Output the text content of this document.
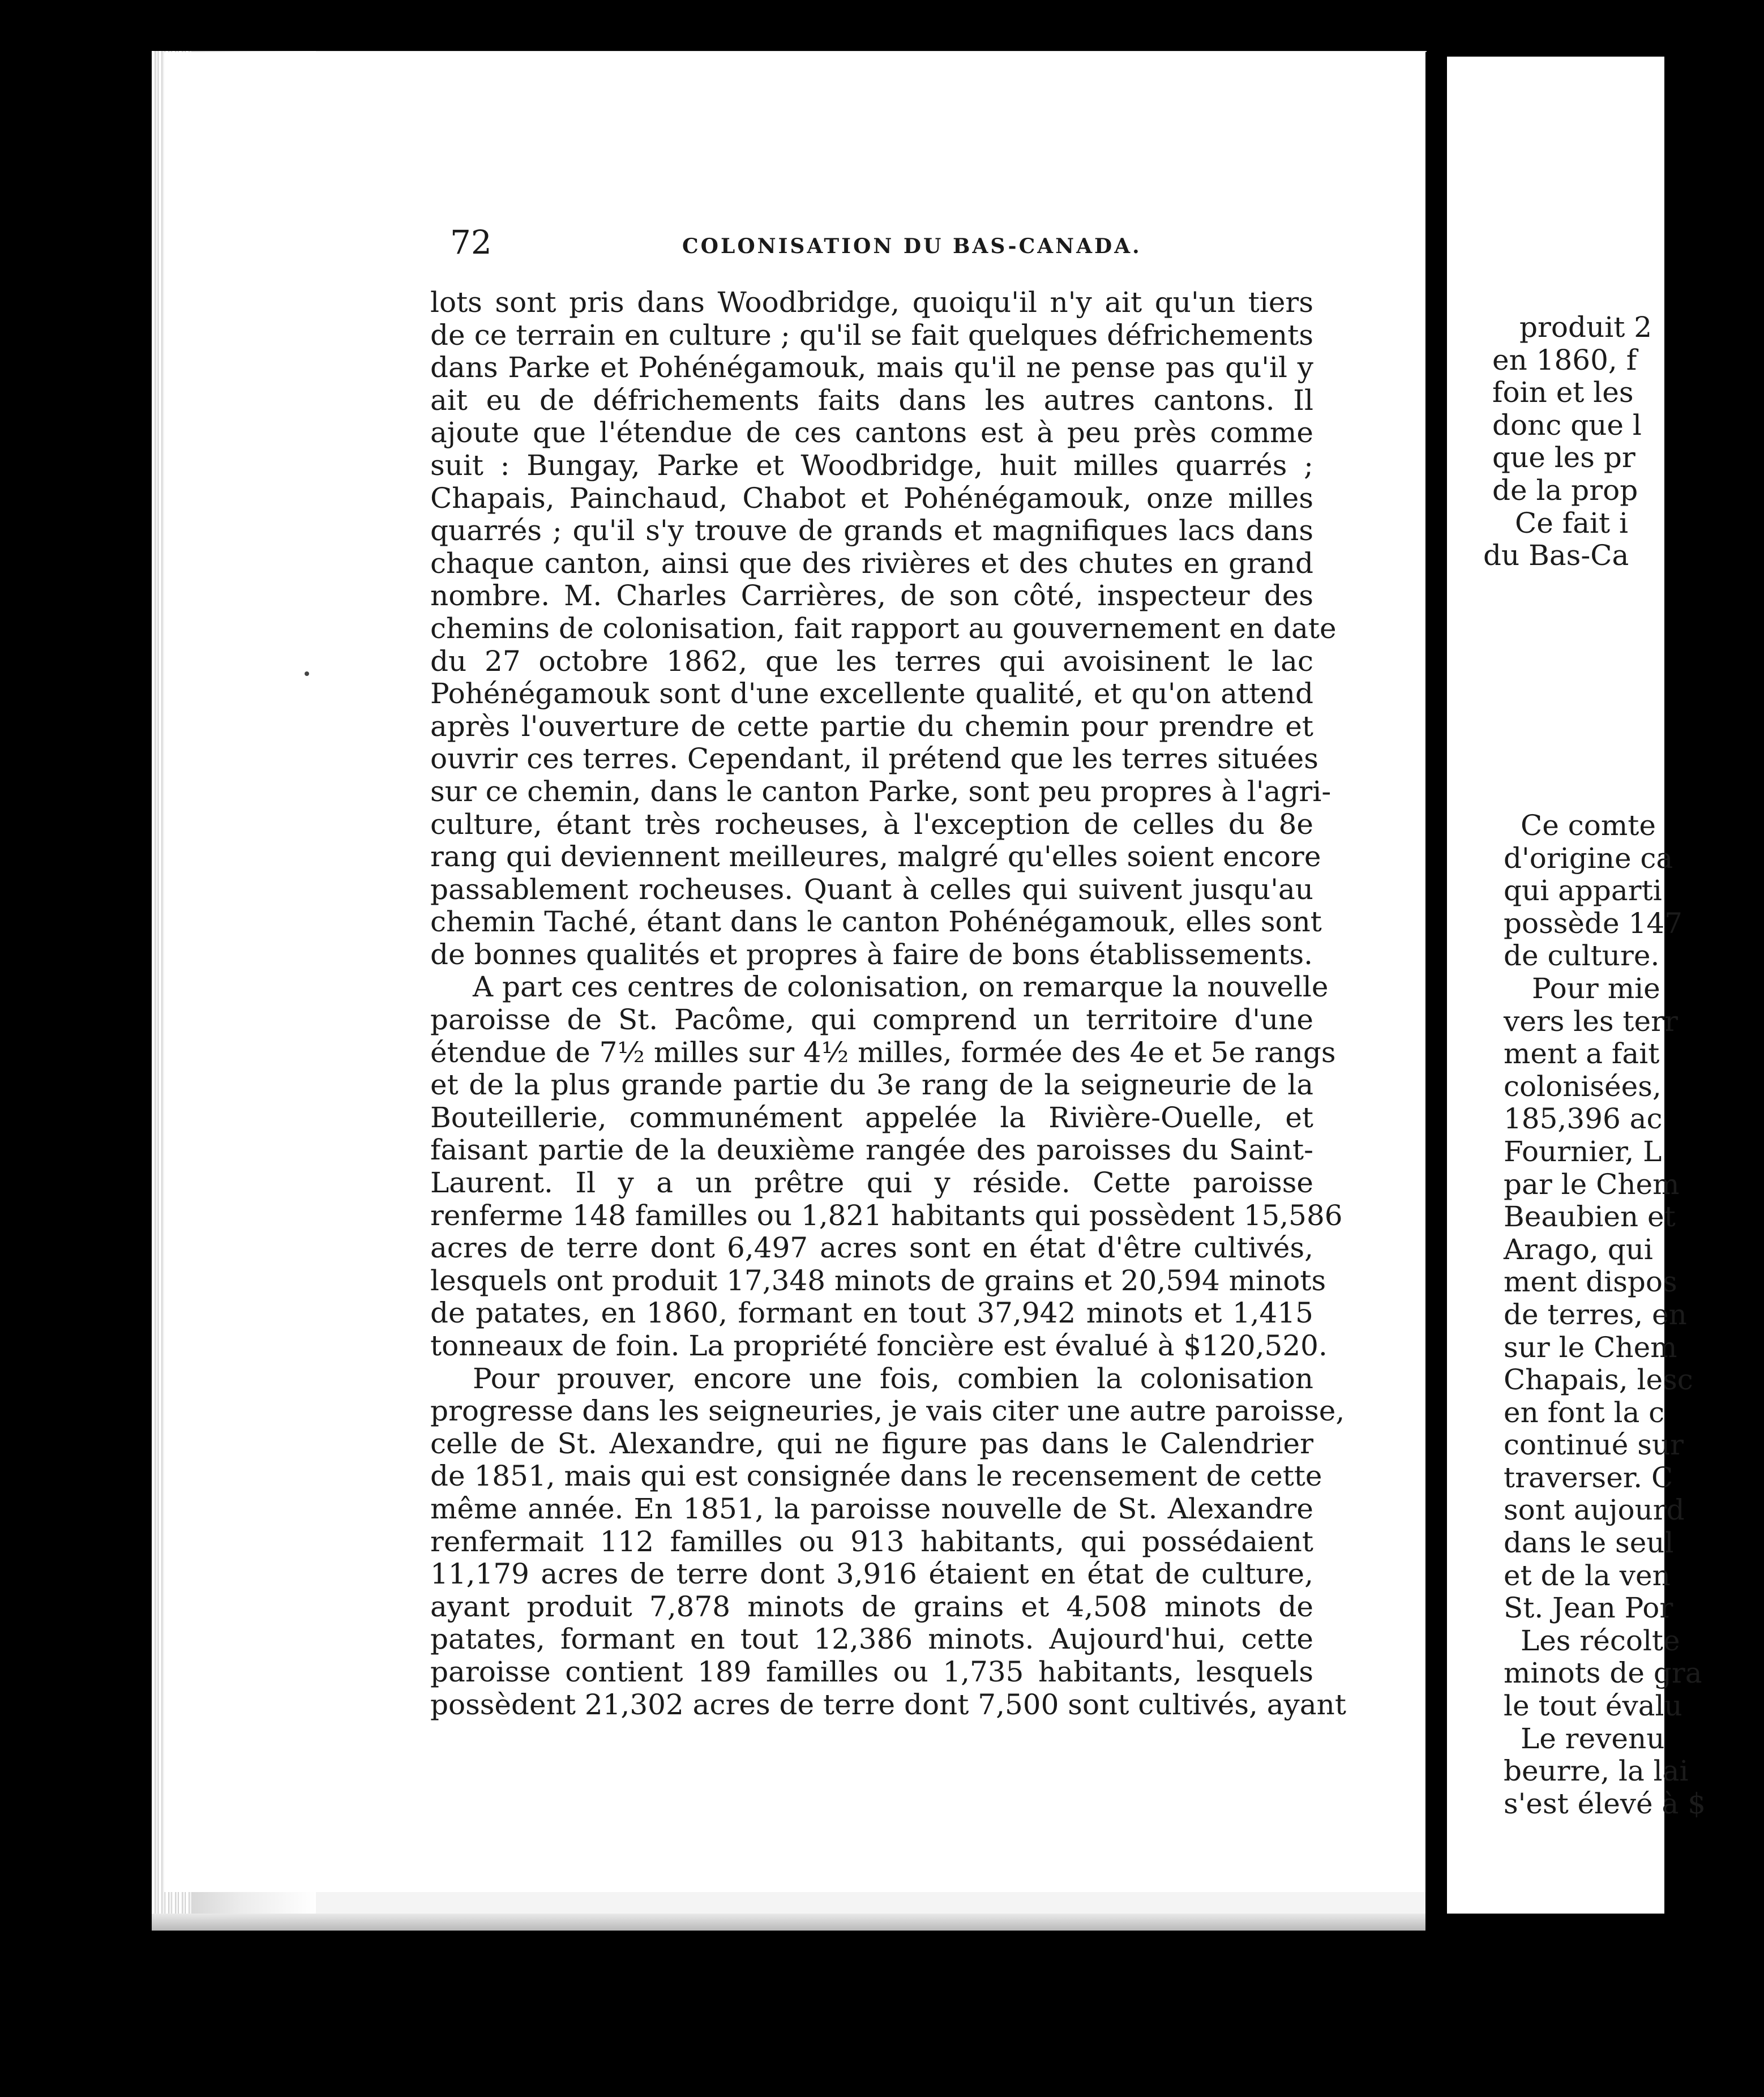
72	COLONISATION DU BAS-CANADA.
lots sont pris dans Woodbridge, quoiqu'il n'y ait qu'un tiers
de ce terrain en culture ; qu'il se fait quelques défrichements
dans Parke et Pohénégamouk, mais qu'il ne pense pas qu'il y
ait eu de défrichements faits dans les autres cantons. Il
ajoute que l'étendue de ces cantons est à peu près comme
suit : Bungay, Parke et Woodbridge, huit milles quarrés ;
Chapais, Painchaud, Chabot et Pohénégamouk, onze milles
quarrés ; qu'il s'y trouve de grands et magnifiques lacs dans
chaque canton, ainsi que des rivières et des chutes en grand
nombre. M. Charles Carrières, de son côté, inspecteur des
chemins de colonisation, fait rapport au gouvernement en date
du 27 octobre 1862, que les terres qui avoisinent le lac
Pohénégamouk sont d'une excellente qualité, et qu'on attend
après l'ouverture de cette partie du chemin pour prendre et
ouvrir ces terres. Cependant, il prétend que les terres situées
sur ce chemin, dans le canton Parke, sont peu propres à l'agri-
culture, étant très rocheuses, à l'exception de celles du 8e
rang qui deviennent meilleures, malgré qu'elles soient encore
passablement rocheuses. Quant à celles qui suivent jusqu'au
chemin Taché, étant dans le canton Pohénégamouk, elles sont
de bonnes qualités et propres à faire de bons établissements.
A part ces centres de colonisation, on remarque la nouvelle
paroisse de St. Pacôme, qui comprend un territoire d'une
étendue de 7½ milles sur 4½ milles, formée des 4e et 5e rangs
et de la plus grande partie du 3e rang de la seigneurie de la
Bouteillerie, communément appelée la Rivière-Ouelle, et
faisant partie de la deuxième rangée des paroisses du Saint-
Laurent. Il y a un prêtre qui y réside. Cette paroisse
renferme 148 familles ou 1,821 habitants qui possèdent 15,586
acres de terre dont 6,497 acres sont en état d'être cultivés,
lesquels ont produit 17,348 minots de grains et 20,594 minots
de patates, en 1860, formant en tout 37,942 minots et 1,415
tonneaux de foin. La propriété foncière est évalué à $120,520.
Pour prouver, encore une fois, combien la colonisation
progresse dans les seigneuries, je vais citer une autre paroisse,
celle de St. Alexandre, qui ne figure pas dans le Calendrier
de 1851, mais qui est consignée dans le recensement de cette
même année. En 1851, la paroisse nouvelle de St. Alexandre
renfermait 112 familles ou 913 habitants, qui possédaient
11,179 acres de terre dont 3,916 étaient en état de culture,
ayant produit 7,878 minots de grains et 4,508 minots de
patates, formant en tout 12,386 minots. Aujourd'hui, cette
paroisse contient 189 familles ou 1,735 habitants, lesquels
possèdent 21,302 acres de terre dont 7,500 sont cultivés, ayant
produit 2
en 1860, f
foin et les
donc que l
que les pr
de la prop
Ce fait i
du Bas-Ca
Ce comte
d'origine ca
qui apparti
possède 147
de culture.
Pour mie
vers les terr
ment a fait
colonisées,
185,396 ac
Fournier, L
par le Chem
Beaubien et
Arago, qui
ment dispos
de terres, en
sur le Chem
Chapais, lesc
en font la c
continué sur
traverser. C
sont aujourd
dans le seul
et de la ven
St. Jean Por
Les récolte
minots de gra
le tout évalu
Le revenu
beurre, la lai
s'est élevé à $
